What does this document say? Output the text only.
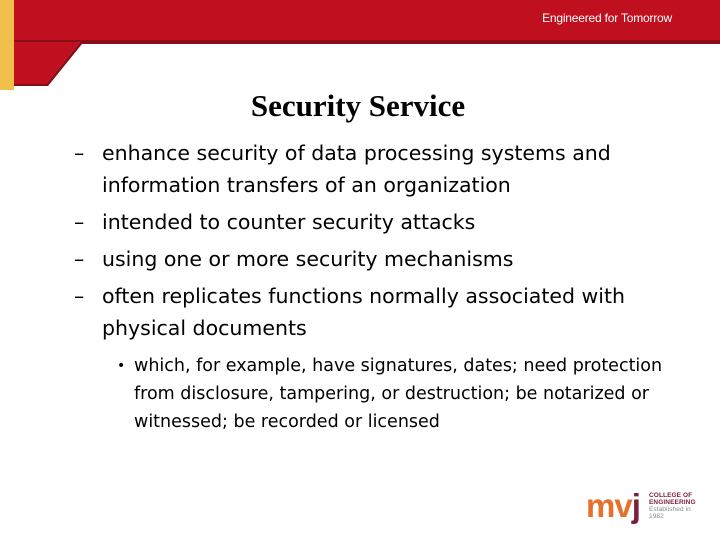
Engineered for Tomorrow
Security Service
– enhance security of data processing systems and information transfers of an organization
– intended to counter security attacks
– using one or more security mechanisms
– often replicates functions normally associated with physical documents
• which, for example, have signatures, dates; need protection from disclosure, tampering, or destruction; be notarized or witnessed; be recorded or licensed
mvj COLLEGE OF
ENGINEERING
Established in 1982
